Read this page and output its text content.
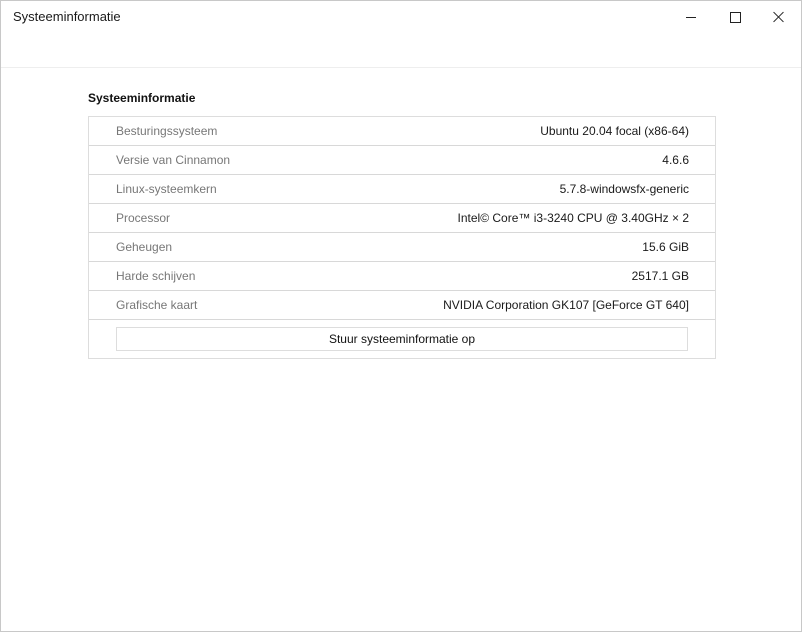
Systeeminformatie
Systeeminformatie
Besturingssysteem	Ubuntu 20.04 focal (x86-64)
Versie van Cinnamon	4.6.6
Linux-systeemkern	5.7.8-windowsfx-generic
Processor	Intel© Core™ i3-3240 CPU @ 3.40GHz × 2
Geheugen	15.6 GiB
Harde schijven	2517.1 GB
Grafische kaart	NVIDIA Corporation GK107 [GeForce GT 640]
Stuur systeeminformatie op
